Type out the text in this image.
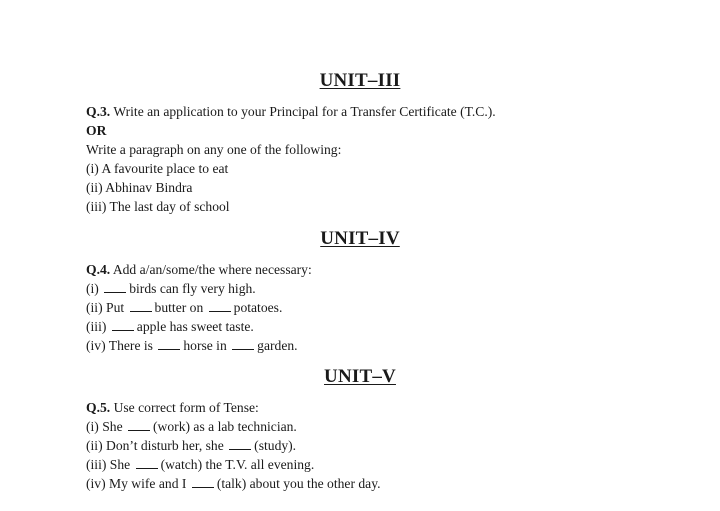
UNIT–III
Q.3. Write an application to your Principal for a Transfer Certificate (T.C.).
OR
Write a paragraph on any one of the following:
(i) A favourite place to eat
(ii) Abhinav Bindra
(iii) The last day of school
UNIT–IV
Q.4. Add a/an/some/the where necessary:
(i) birds can fly very high.
(ii) Put butter on potatoes.
(iii) apple has sweet taste.
(iv) There is horse in garden.
UNIT–V
Q.5. Use correct form of Tense:
(i) She (work) as a lab technician.
(ii) Don’t disturb her, she (study).
(iii) She (watch) the T.V. all evening.
(iv) My wife and I (talk) about you the other day.
